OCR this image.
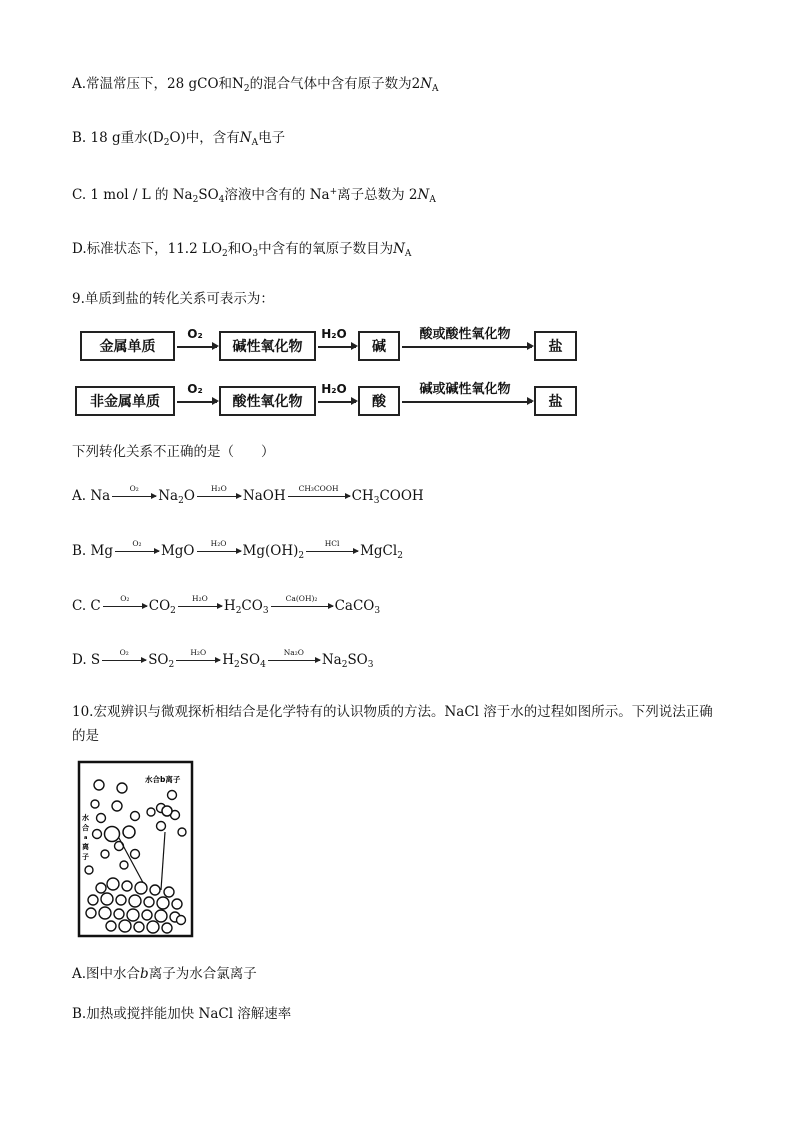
A.常温常压下，28 gCO和$N_2$的混合气体中含有原子数为$2N_A$
B. 18 g重水$(D_2O)$中，含有$N_A$电子
C. 1 mol / L 的 $Na_2SO_4$溶液中含有的 Na+离子总数为 $2N_A$
D.标准状态下，11.2 $LO_2$和$O_3$中含有的氧原子数目为$N_A$
9.单质到盐的转化关系可表示为：
金属单质
O₂
碱性氧化物
H₂O
碱
酸或酸性氧化物
盐
非金属单质
O₂
酸性氧化物
H₂O
酸
碱或碱性氧化物
盐
下列转化关系不正确的是（　　）
A. Na	O₂	$Na_2O$	H₂O	NaOH	CH₃COOH $CH_3COOH$
B. Mg	O₂	MgO	H₂O	$Mg(OH)_2$
HCl	MgCl$_2$
C. C	O₂	$CO_2$
H₂O	$H_2CO_3$
Ca(OH)₂	CaCO$_3$
D. S	O₂	$SO_2$
H₂O	$H_2SO_4$
Na₂O	$Na_2SO_3$
10.宏观辨识与微观探析相结合是化学特有的认识物质的方法。NaCl 溶于水的过程如图所示。下列说法正确
的是
水合b离子
水
合
a
离
子
A.图中水合b离子为水合氯离子
B.加热或搅拌能加快 NaCl 溶解速率
